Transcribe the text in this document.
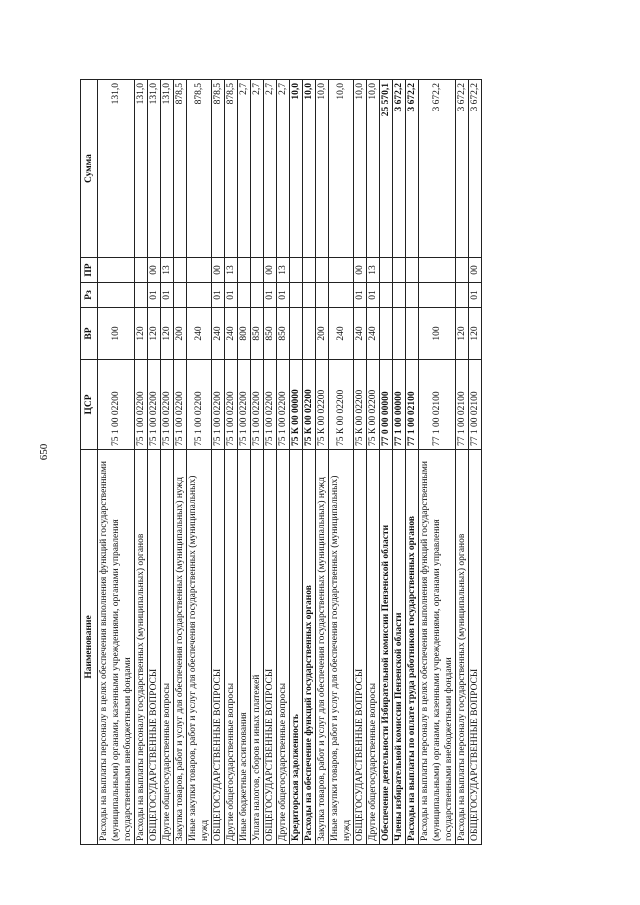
650
Наименование	ЦСР	ВР	Рз	ПР	Сумма
Расходы на выплаты персоналу в целях обеспечения выполнения функций государственными (муниципальными) органами, казенными учреждениями, органами управления государственными внебюджетными фондами	75 1 00 02200	100			131,0
Расходы на выплаты персоналу государственных (муниципальных) органов	75 1 00 02200	120			131,0
ОБЩЕГОСУДАРСТВЕННЫЕ ВОПРОСЫ	75 1 00 02200	120	01	00	131,0
Другие общегосударственные вопросы	75 1 00 02200	120	01	13	131,0
Закупка товаров, работ и услуг для обеспечения государственных (муниципальных) нужд	75 1 00 02200	200			878,5
Иные закупки товаров, работ и услуг для обеспечения государственных (муниципальных) нужд	75 1 00 02200	240			878,5
ОБЩЕГОСУДАРСТВЕННЫЕ ВОПРОСЫ	75 1 00 02200	240	01	00	878,5
Другие общегосударственные вопросы	75 1 00 02200	240	01	13	878,5
Иные бюджетные ассигнования	75 1 00 02200	800			2,7
Уплата налогов, сборов и иных платежей	75 1 00 02200	850			2,7
ОБЩЕГОСУДАРСТВЕННЫЕ ВОПРОСЫ	75 1 00 02200	850	01	00	2,7
Другие общегосударственные вопросы	75 1 00 02200	850	01	13	2,7
Кредиторская задолженность	75 К 00 00000				10,0
Расходы на обеспечение функций государственных органов	75 К 00 02200				10,0
Закупка товаров, работ и услуг для обеспечения государственных (муниципальных) нужд	75 К 00 02200	200			10,0
Иные закупки товаров, работ и услуг для обеспечения государственных (муниципальных) нужд	75 К 00 02200	240			10,0
ОБЩЕГОСУДАРСТВЕННЫЕ ВОПРОСЫ	75 К 00 02200	240	01	00	10,0
Другие общегосударственные вопросы	75 К 00 02200	240	01	13	10,0
Обеспечение деятельности Избирательной комиссии Пензенской области	77 0 00 00000				25 570,1
Члены избирательной комиссии Пензенской области	77 1 00 00000				3 672,2
Расходы на выплаты по оплате труда работников государственных органов	77 1 00 02100				3 672,2
Расходы на выплаты персоналу в целях обеспечения выполнения функций государственными (муниципальными) органами, казенными учреждениями, органами управления государственными внебюджетными фондами	77 1 00 02100	100			3 672,2
Расходы на выплаты персоналу государственных (муниципальных) органов	77 1 00 02100	120			3 672,2
ОБЩЕГОСУДАРСТВЕННЫЕ ВОПРОСЫ	77 1 00 02100	120	01	00	3 672,2
